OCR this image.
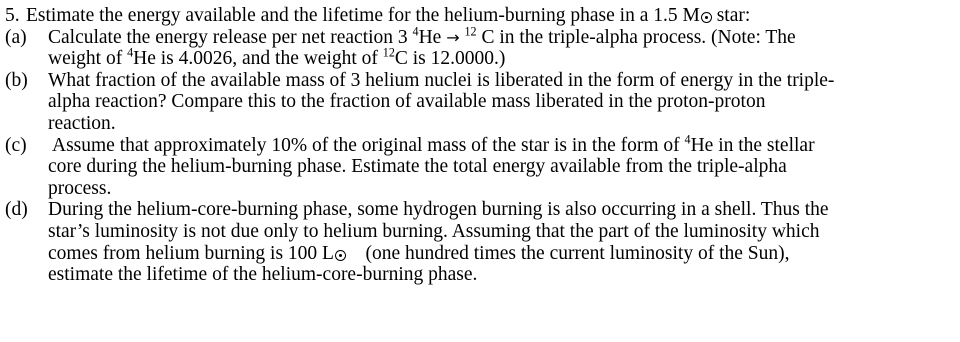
5. Estimate the energy available and the lifetime for the helium-burning phase in a 1.5 M star:
(a) Calculate the energy release per net reaction 3 $^4$He → $^{12}$ C in the triple-alpha process. (Note: The
weight of $^4$He is 4.0026, and the weight of $^{12}$C is 12.0000.)
(b) What fraction of the available mass of 3 helium nuclei is liberated in the form of energy in the triple-
alpha reaction? Compare this to the fraction of available mass liberated in the proton-proton
reaction.
(c) Assume that approximately 10% of the original mass of the star is in the form of $^4$He in the stellar
core during the helium-burning phase. Estimate the total energy available from the triple-alpha
process.
(d) During the helium-core-burning phase, some hydrogen burning is also occurring in a shell. Thus the
star’s luminosity is not due only to helium burning. Assuming that the part of the luminosity which
comes from helium burning is 100 L (one hundred times the current luminosity of the Sun),
estimate the lifetime of the helium-core-burning phase.
